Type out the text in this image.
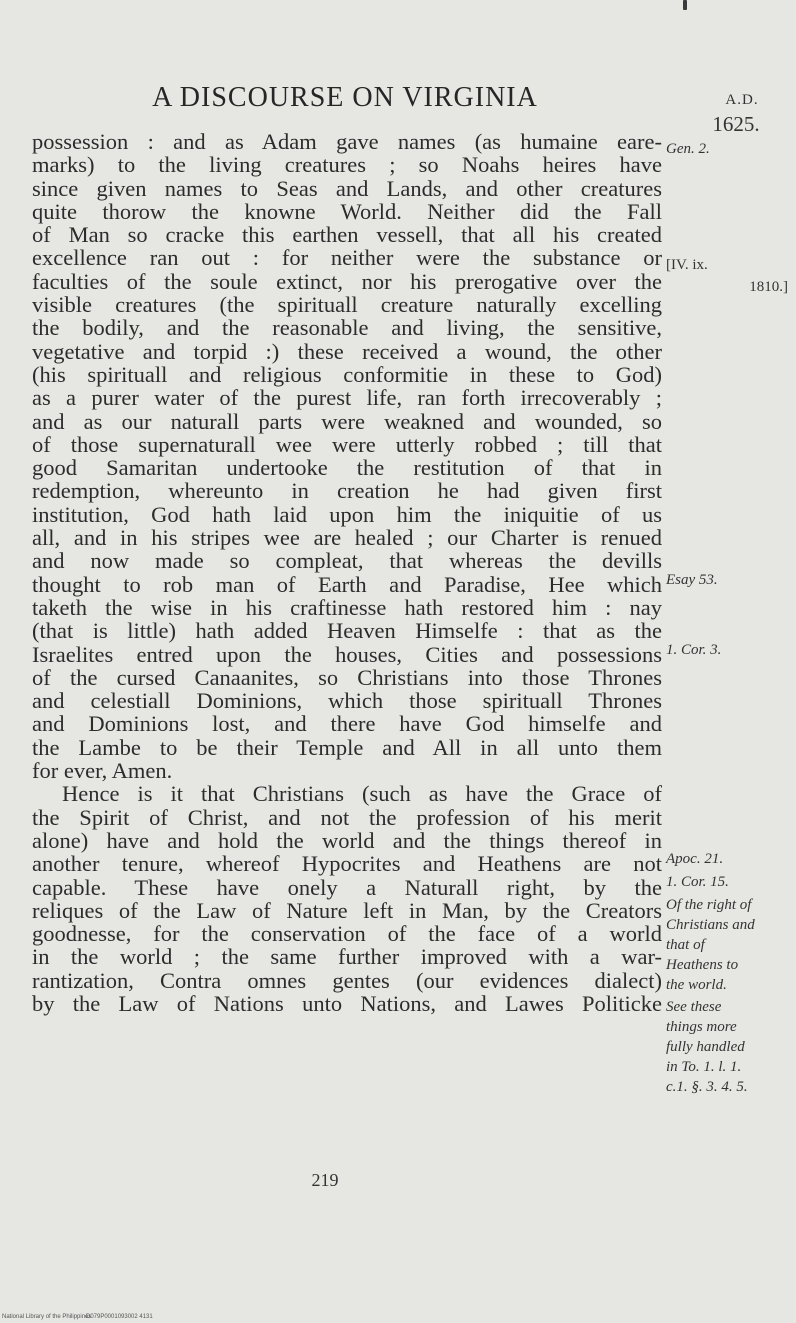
A DISCOURSE ON VIRGINIA	A.D.
1625.
possession : and as Adam gave names (as humaine eare-
marks) to the living creatures ; so Noahs heires have
since given names to Seas and Lands, and other creatures
quite thorow the knowne World. Neither did the Fall
of Man so cracke this earthen vessell, that all his created
excellence ran out : for neither were the substance or
faculties of the soule extinct, nor his prerogative over the
visible creatures (the spirituall creature naturally excelling
the bodily, and the reasonable and living, the sensitive,
vegetative and torpid :) these received a wound, the other
(his spirituall and religious conformitie in these to God)
as a purer water of the purest life, ran forth irrecoverably ;
and as our naturall parts were weakned and wounded, so
of those supernaturall wee were utterly robbed ; till that
good Samaritan undertooke the restitution of that in
redemption, whereunto in creation he had given first
institution, God hath laid upon him the iniquitie of us
all, and in his stripes wee are healed ; our Charter is renued
and now made so compleat, that whereas the devills
thought to rob man of Earth and Paradise, Hee which
taketh the wise in his craftinesse hath restored him : nay
(that is little) hath added Heaven Himselfe : that as the
Israelites entred upon the houses, Cities and possessions
of the cursed Canaanites, so Christians into those Thrones
and celestiall Dominions, which those spirituall Thrones
and Dominions lost, and there have God himselfe and
the Lambe to be their Temple and All in all unto them
for ever, Amen.
Hence is it that Christians (such as have the Grace of
the Spirit of Christ, and not the profession of his merit
alone) have and hold the world and the things thereof in
another tenure, whereof Hypocrites and Heathens are not
capable. These have onely a Naturall right, by the
reliques of the Law of Nature left in Man, by the Creators
goodnesse, for the conservation of the face of a world
in the world ; the same further improved with a war-
rantization, Contra omnes gentes (our evidences dialect)
by the Law of Nations unto Nations, and Lawes Politicke
Gen. 2.
[IV. ix.
1810.]
Esay 53.
1. Cor. 3.
Apoc. 21.
1. Cor. 15.
Of the right of
Christians and
that of
Heathens to
the world.
See these
things more
fully handled
in To. 1. l. 1.
c.1. §. 3. 4. 5.
219
National Library of the Philippines
D079P0001093002 4131
